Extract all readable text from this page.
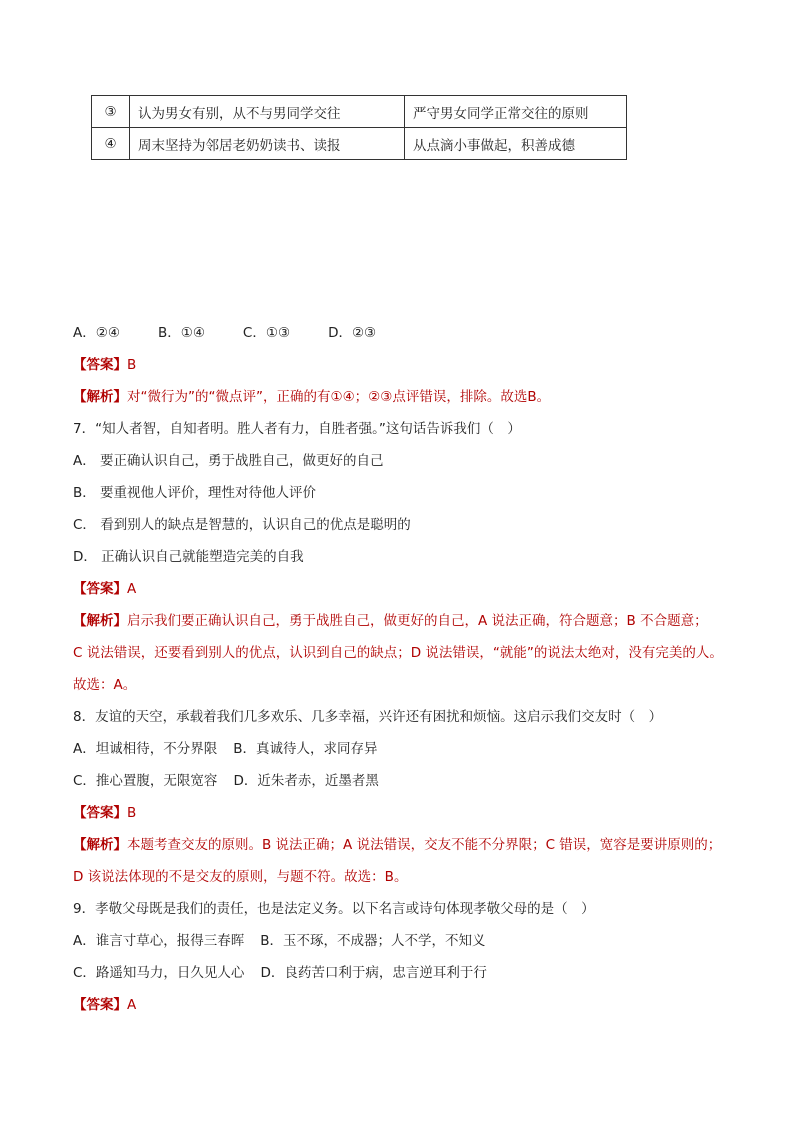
③	认为男女有别，从不与男同学交往	严守男女同学正常交往的原则
④	周末坚持为邻居老奶奶读书、读报	从点滴小事做起，积善成德
A．②④	B．①④	C．①③	D．②③
【答案】B
【解析】对“微行为”的“微点评”，正确的有①④；②③点评错误，排除。故选B。
7．“知人者智，自知者明。胜人者有力，自胜者强。”这句话告诉我们（　）
A． 要正确认识自己，勇于战胜自己，做更好的自己
B． 要重视他人评价，理性对待他人评价
C． 看到别人的缺点是智慧的，认识自己的优点是聪明的
D． 正确认识自己就能塑造完美的自我
【答案】A
【解析】启示我们要正确认识自己，勇于战胜自己，做更好的自己，A 说法正确，符合题意；B 不合题意；
C 说法错误，还要看到别人的优点，认识到自己的缺点；D 说法错误，“就能”的说法太绝对，没有完美的人。
故选：A。
8．友谊的天空，承载着我们几多欢乐、几多幸福，兴许还有困扰和烦恼。这启示我们交友时（　）
A．坦诚相待，不分界限 B．真诚待人，求同存异
C．推心置腹，无限宽容 D．近朱者赤，近墨者黑
【答案】B
【解析】本题考查交友的原则。B 说法正确；A 说法错误，交友不能不分界限；C 错误，宽容是要讲原则的；
D 该说法体现的不是交友的原则，与题不符。故选：B。
9．孝敬父母既是我们的责任，也是法定义务。以下名言或诗句体现孝敬父母的是（　）
A．谁言寸草心，报得三春晖 B．玉不琢，不成器；人不学，不知义
C．路遥知马力，日久见人心 D．良药苦口利于病，忠言逆耳利于行
【答案】A
